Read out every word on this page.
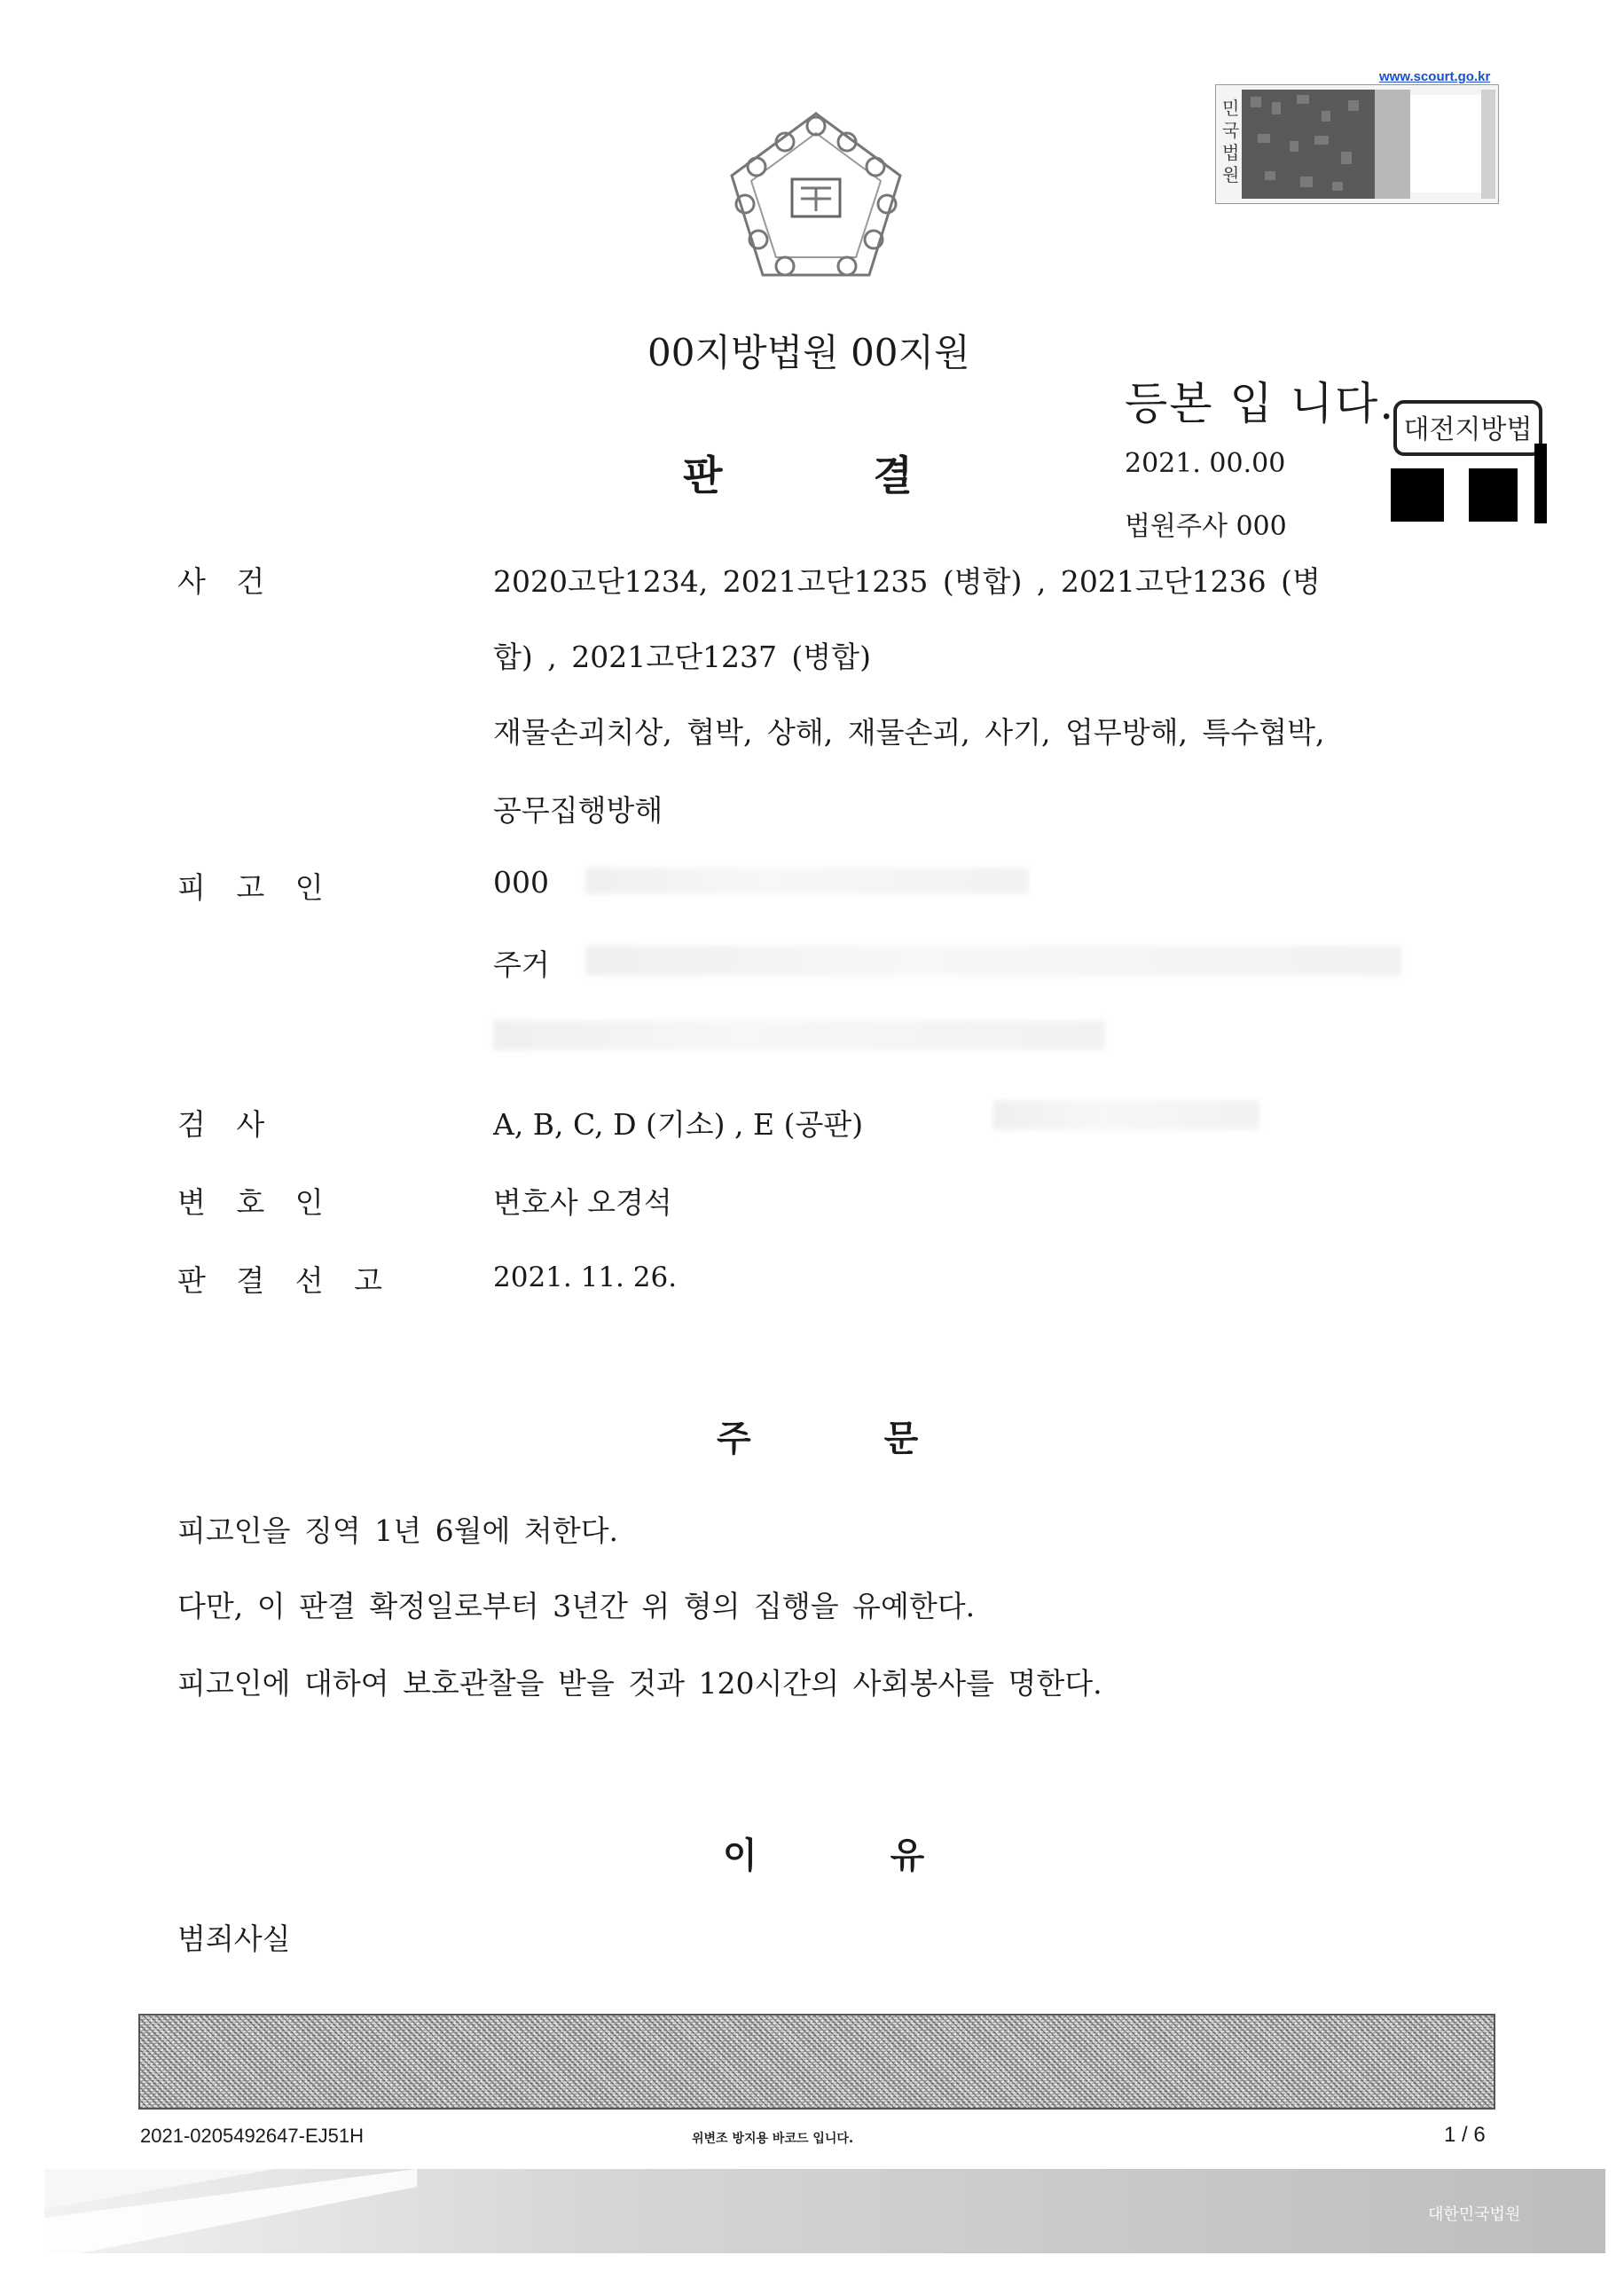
www.scourt.go.kr
민국법원
00지방법원 00지원
등본 입 니다.
대전지방법
판결 2021. 00.00
법원주사 000
사 건	2020고단1234, 2021고단1235 (병합) , 2021고단1236 (병
합) , 2021고단1237 (병합)
재물손괴치상, 협박, 상해, 재물손괴, 사기, 업무방해, 특수협박,
공무집행방해
피 고 인	000
주거
검 사	A, B, C, D (기소) , E (공판)
변 호 인	변호사 오경석
판 결 선 고	2021. 11. 26.
주문
피고인을 징역 1년 6월에 처한다.
다만, 이 판결 확정일로부터 3년간 위 형의 집행을 유예한다.
피고인에 대하여 보호관찰을 받을 것과 120시간의 사회봉사를 명한다.
이유
범죄사실
2021-0205492647-EJ51H	위변조 방지용 바코드 입니다.	1 / 6
대한민국법원
